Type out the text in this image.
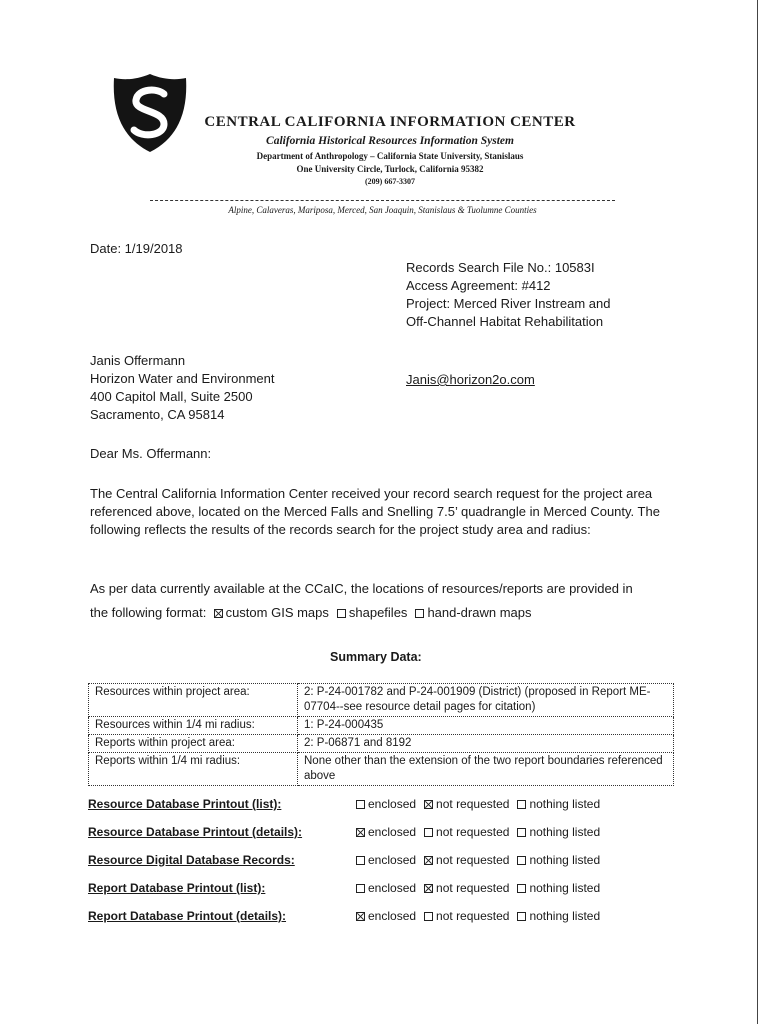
CENTRAL CALIFORNIA INFORMATION CENTER
California Historical Resources Information System
Department of Anthropology – California State University, Stanislaus
One University Circle, Turlock, California 95382
(209) 667-3307
Alpine, Calaveras, Mariposa, Merced, San Joaquin, Stanislaus & Tuolumne Counties
Date: 1/19/2018
Records Search File No.: 10583I
Access Agreement: #412
Project: Merced River Instream and
Off-Channel Habitat Rehabilitation
Janis Offermann
Horizon Water and Environment
400 Capitol Mall, Suite 2500
Sacramento, CA 95814
Janis@horizon2o.com
Dear Ms. Offermann:
The Central California Information Center received your record search request for the project area referenced above, located on the Merced Falls and Snelling 7.5’ quadrangle in Merced County. The following reflects the results of the records search for the project study area and radius:
As per data currently available at the CCaIC, the locations of resources/reports are provided in
the following format: custom GIS maps shapefiles hand-drawn maps
Summary Data:
Resources within project area:	2: P-24-001782 and P-24-001909 (District) (proposed in Report ME-07704--see resource detail pages for citation)
Resources within 1/4 mi radius:	1: P-24-000435
Reports within project area:	2: P-06871 and 8192
Reports within 1/4 mi radius:	None other than the extension of the two report boundaries referenced above
Resource Database Printout (list):	enclosed not requested nothing listed
Resource Database Printout (details):	enclosed not requested nothing listed
Resource Digital Database Records:	enclosed not requested nothing listed
Report Database Printout (list):	enclosed not requested nothing listed
Report Database Printout (details):	enclosed not requested nothing listed
